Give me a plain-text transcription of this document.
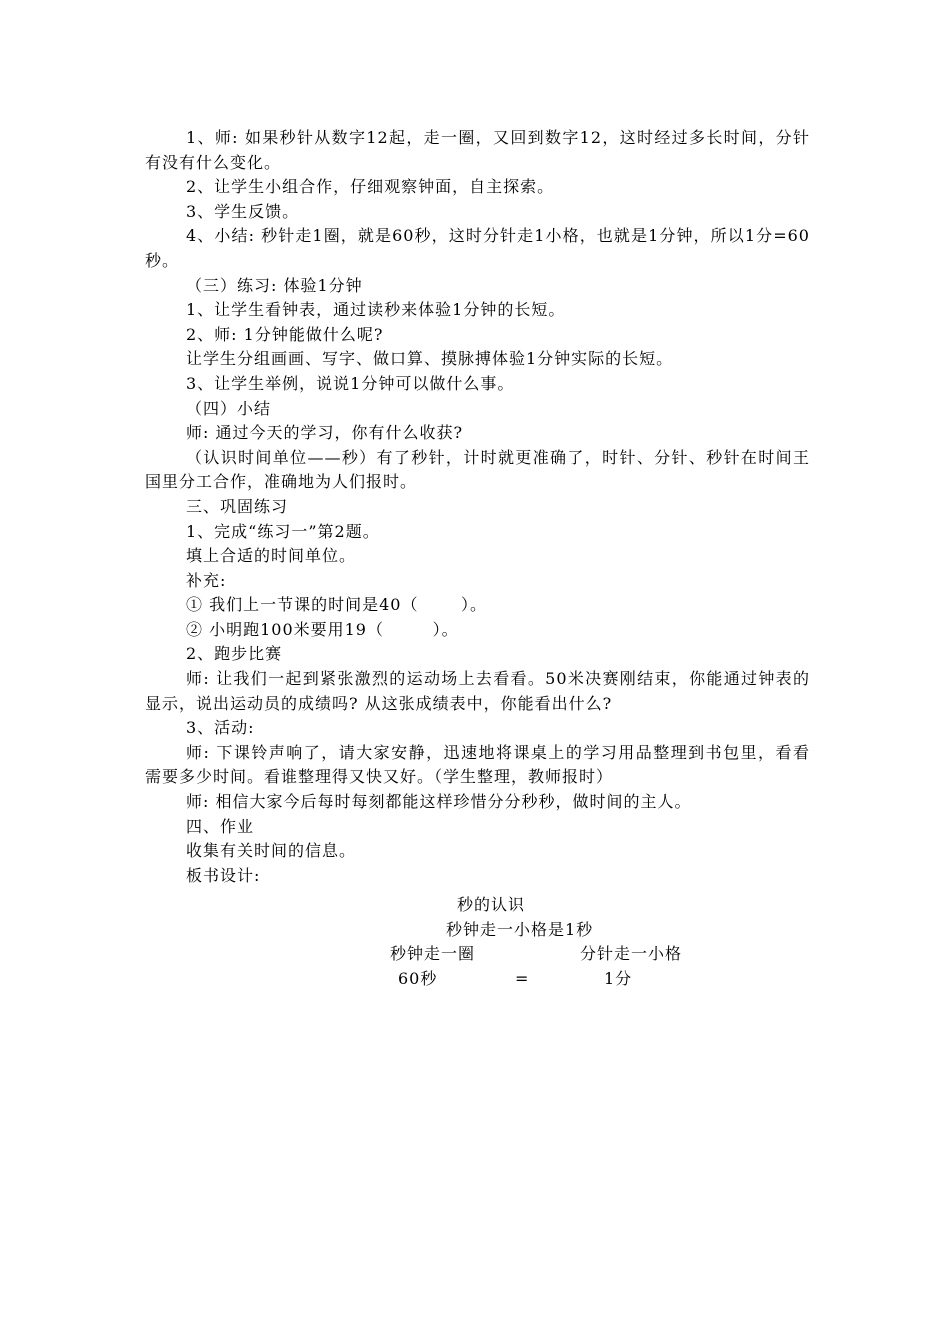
1、师: 如果秒针从数字12起，走一圈，又回到数字12，这时经过多长时间，分针有没有什么变化。

2、让学生小组合作，仔细观察钟面，自主探索。

3、学生反馈。

4、小结: 秒针走1圈，就是60秒，这时分针走1小格，也就是1分钟，所以1分=60秒。

（三）练习: 体验1分钟

1、让学生看钟表，通过读秒来体验1分钟的长短。

2、师: 1分钟能做什么呢?

让学生分组画画、写字、做口算、摸脉搏体验1分钟实际的长短。

3、让学生举例，说说1分钟可以做什么事。

（四）小结

师: 通过今天的学习，你有什么收获?

（认识时间单位——秒）有了秒针，计时就更准确了，时针、分针、秒针在时间王国里分工合作，准确地为人们报时。

三、巩固练习

1、完成“练习一”第2题。

填上合适的时间单位。

补充:

① 我们上一节课的时间是40（       ）。

② 小明跑100米要用19（        ）。

2、跑步比赛

师: 让我们一起到紧张激烈的运动场上去看看。50米决赛刚结束，你能通过钟表的显示，说出运动员的成绩吗? 从这张成绩表中，你能看出什么?

3、活动:

师: 下课铃声响了，请大家安静，迅速地将课桌上的学习用品整理到书包里，看看需要多少时间。看谁整理得又快又好。（学生整理，教师报时）

师: 相信大家今后每时每刻都能这样珍惜分分秒秒，做时间的主人。

四、作业

收集有关时间的信息。

板书设计:

秒的认识
秒钟走一小格是1秒
秒钟走一圈	分针走一小格
60秒	=	1分
